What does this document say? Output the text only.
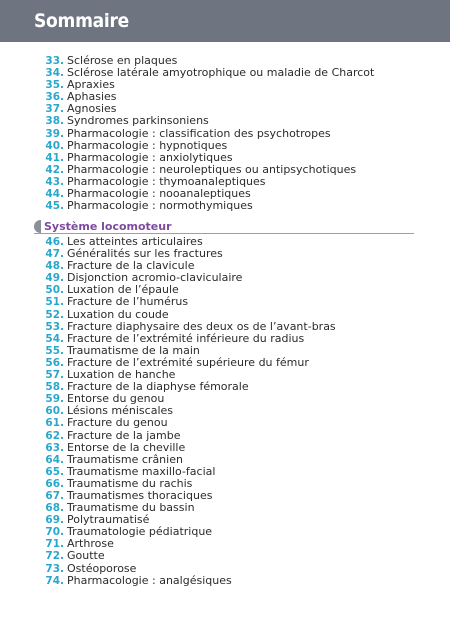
Sommaire
33. Sclérose en plaques
34. Sclérose latérale amyotrophique ou maladie de Charcot
35. Apraxies
36. Aphasies
37. Agnosies
38. Syndromes parkinsoniens
39. Pharmacologie : classification des psychotropes
40. Pharmacologie : hypnotiques
41. Pharmacologie : anxiolytiques
42. Pharmacologie : neuroleptiques ou antipsychotiques
43. Pharmacologie : thymoanaleptiques
44. Pharmacologie : nooanaleptiques
45. Pharmacologie : normothymiques
Système locomoteur
46. Les atteintes articulaires
47. Généralités sur les fractures
48. Fracture de la clavicule
49. Disjonction acromio-claviculaire
50. Luxation de l’épaule
51. Fracture de l’humérus
52. Luxation du coude
53. Fracture diaphysaire des deux os de l’avant-bras
54. Fracture de l’extrémité inférieure du radius
55. Traumatisme de la main
56. Fracture de l’extrémité supérieure du fémur
57. Luxation de hanche
58. Fracture de la diaphyse fémorale
59. Entorse du genou
60. Lésions méniscales
61. Fracture du genou
62. Fracture de la jambe
63. Entorse de la cheville
64. Traumatisme crânien
65. Traumatisme maxillo-facial
66. Traumatisme du rachis
67. Traumatismes thoraciques
68. Traumatisme du bassin
69. Polytraumatisé
70. Traumatologie pédiatrique
71. Arthrose
72. Goutte
73. Ostéoporose
74. Pharmacologie : analgésiques
